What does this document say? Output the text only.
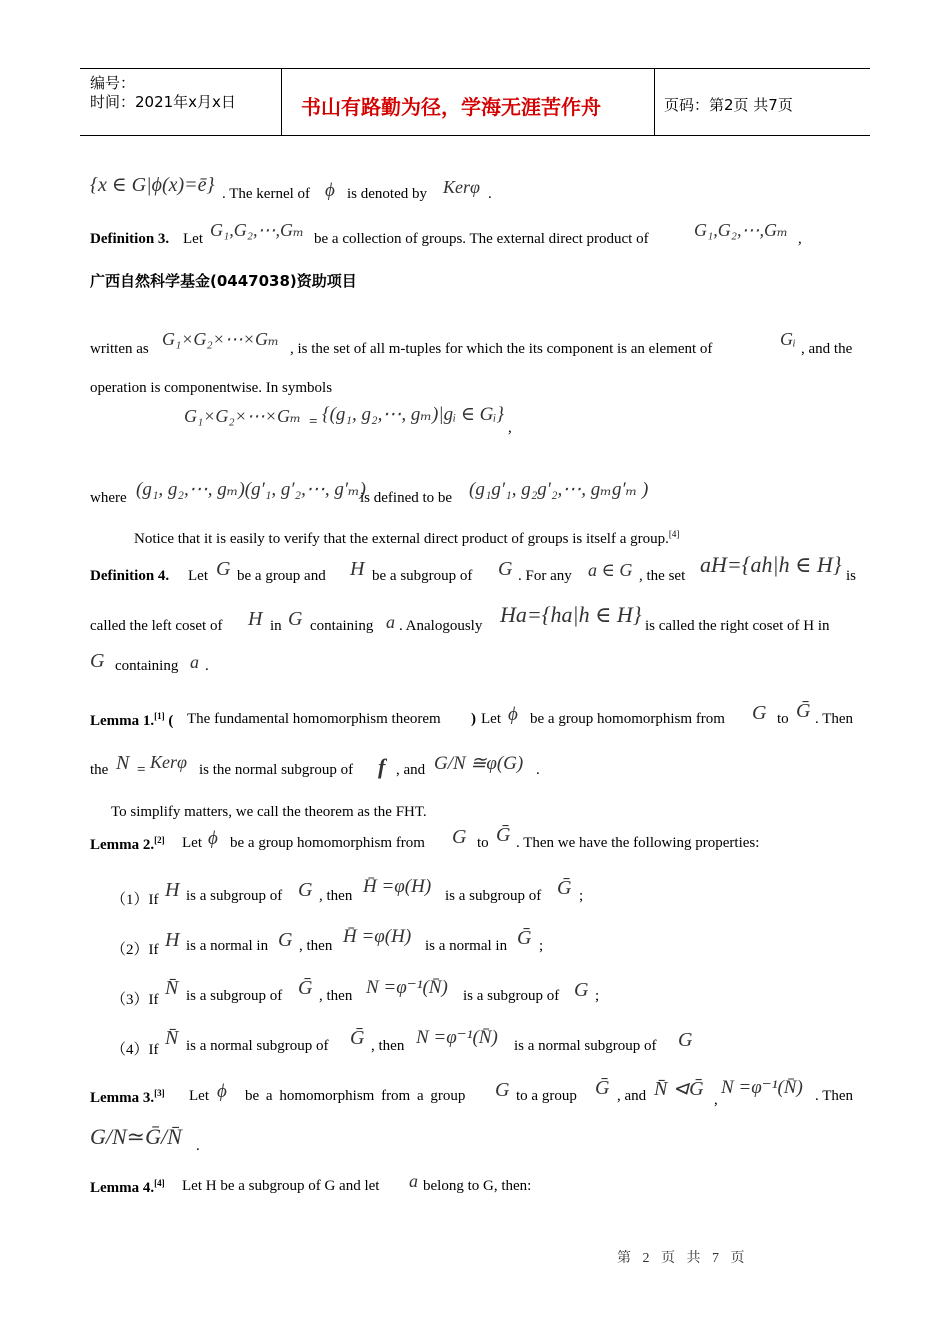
编号：
时间：2021年x月x日	书山有路勤为径，学海无涯苦作舟	页码：第2页 共7页
{x ∈ G|ϕ(x)=ē} . The kernel of ϕ is denoted by Kerφ .
Definition 3. Let G₁,G₂,⋯,Gₘ be a collection of groups. The external direct product of	G₁,G₂,⋯,Gₘ ,
广西自然科学基金(0447038)资助项目
written as G₁×G₂×⋯×Gₘ , is the set of all m-tuples for which the its component is an element of	Gᵢ , and the
operation is componentwise. In symbols
G₁×G₂×⋯×Gₘ = {(g₁, g₂,⋯, gₘ)|gᵢ ∈ Gᵢ}
,
where (g₁, g₂,⋯, gₘ)(g′₁, g′₂,⋯, g′ₘ)
is defined to be (g₁g′₁, g₂g′₂,⋯, gₘg′ₘ )
Notice that it is easily to verify that the external direct product of groups is itself a group.[4]
Definition 4. Let G be a group and H be a subgroup of G . For any a ∈ G , the set aH={ah|h ∈ H} is
called the left coset of H in G containing a . Analogously Ha={ha|h ∈ H} is called the right coset of H in
G containing a .
Lemma 1.[1] ( The fundamental homomorphism theorem ) Let ϕ be a group homomorphism from G to Ḡ . Then
the N = Kerφ is the normal subgroup of f , and G/N ≅φ(G) .
To simplify matters, we call the theorem as the FHT.
Lemma 2.[2] Let ϕ be a group homomorphism from G to Ḡ . Then we have the following properties:
（1）If H is a subgroup of G , then H̄ =φ(H) is a subgroup of Ḡ ;
（2）If H is a normal in G , then H̄ =φ(H) is a normal in Ḡ ;
（3）If
N̄ is a subgroup of Ḡ , then N =φ⁻¹(N̄) is a subgroup of G ;
（4）If
N̄ is a normal subgroup of Ḡ , then N =φ⁻¹(N̄) is a normal subgroup of G
Lemma 3.[3] Let ϕ be a homomorphism from a group G to a group Ḡ , and N̄ ⊲Ḡ ,
N =φ⁻¹(N̄) . Then
G/N≃Ḡ/N̄ .
Lemma 4.[4] Let H be a subgroup of G and let a belong to G, then:
第 2 页 共 7 页
